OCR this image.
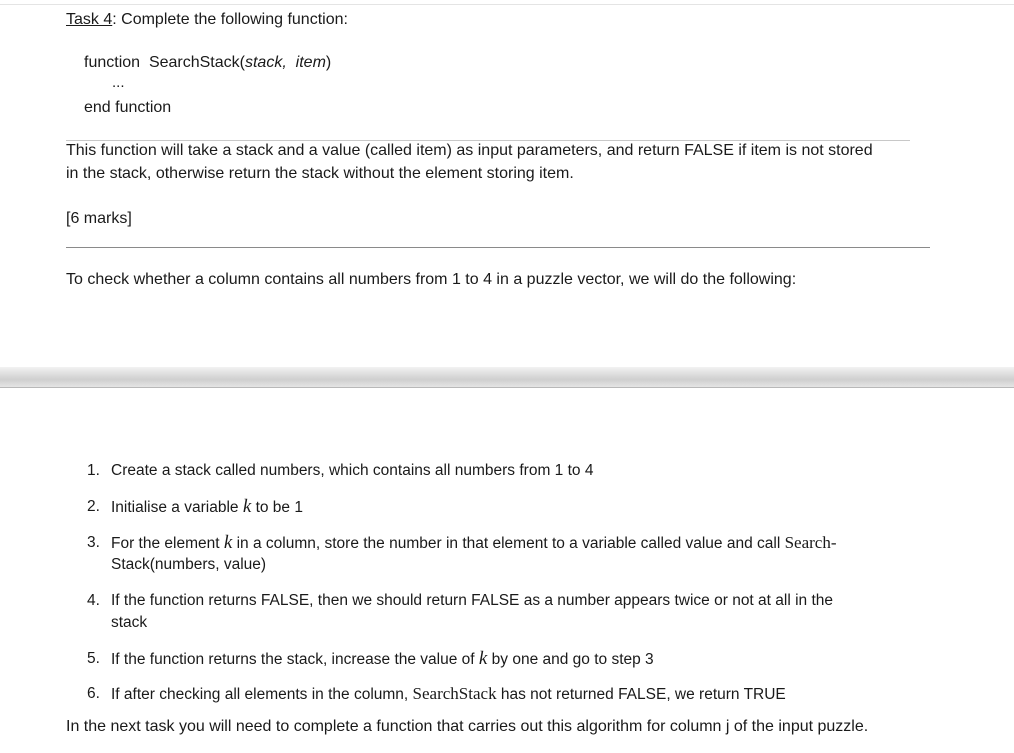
Task 4: Complete the following function:
function SearchStack(stack, item)
...
end function
This function will take a stack and a value (called item) as input parameters, and return FALSE if item is not stored
in the stack, otherwise return the stack without the element storing item.
[6 marks]
To check whether a column contains all numbers from 1 to 4 in a puzzle vector, we will do the following:
1. Create a stack called numbers, which contains all numbers from 1 to 4
2. Initialise a variable k to be 1
3. For the element k in a column, store the number in that element to a variable called value and call Search-
Stack(numbers, value)
4. If the function returns FALSE, then we should return FALSE as a number appears twice or not at all in the
stack
5. If the function returns the stack, increase the value of k by one and go to step 3
6. If after checking all elements in the column, SearchStack has not returned FALSE, we return TRUE
In the next task you will need to complete a function that carries out this algorithm for column j of the input puzzle.
